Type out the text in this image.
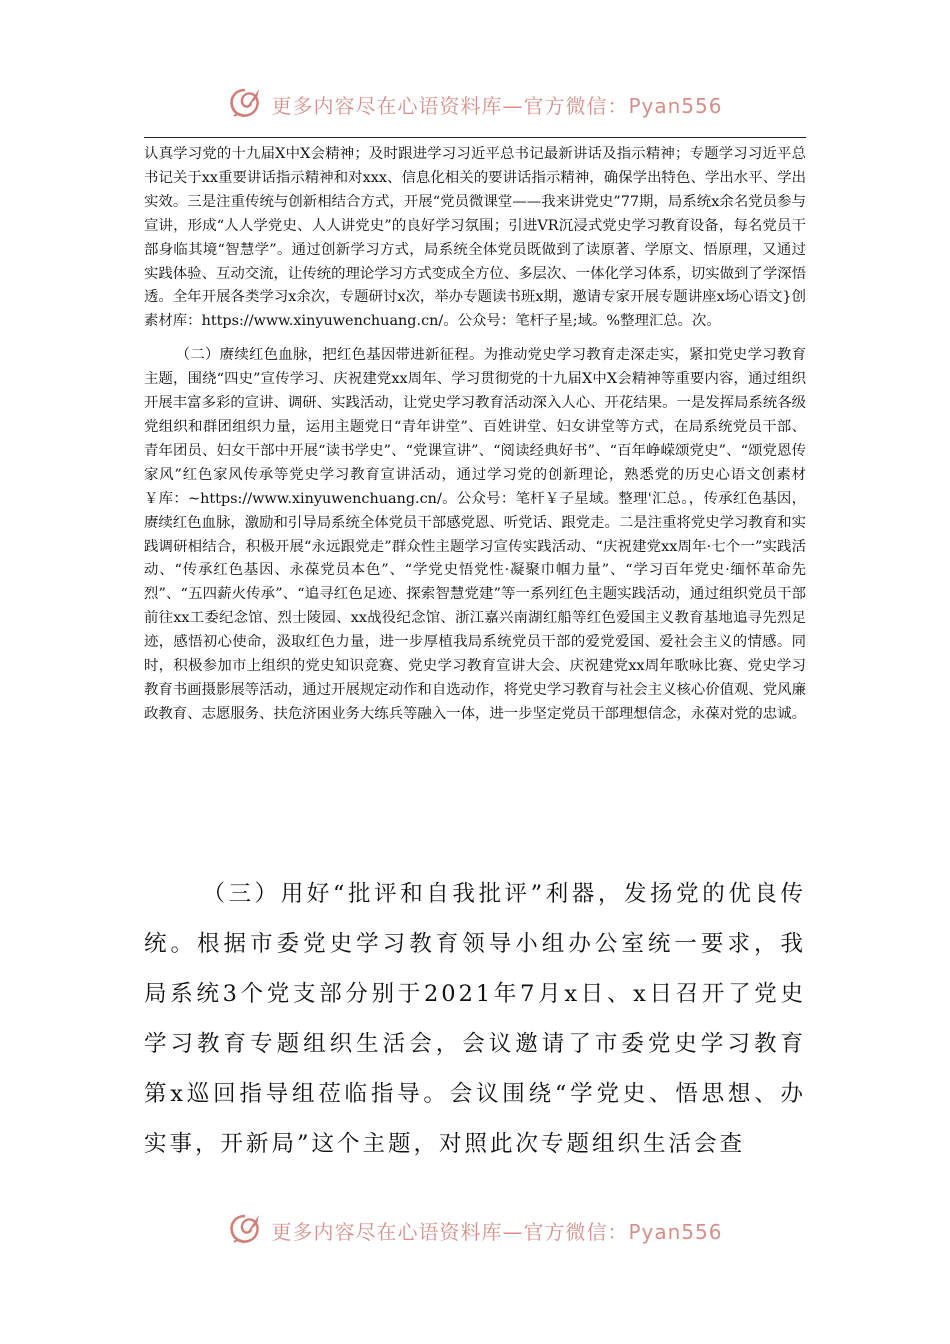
更多内容尽在心语资料库—官方微信：Pyan556

认真学习党的十九届X中X会精神；及时跟进学习习近平总书记最新讲话及指示精神；专题学习习近平总书记关于xx重要讲话指示精神和对xxx、信息化相关的要讲话指示精神，确保学出特色、学出水平、学出实效。三是注重传统与创新相结合方式，开展“党员微课堂——我来讲党史”77期，局系统x余名党员参与宣讲，形成“人人学党史、人人讲党史”的良好学习氛围；引进VR沉浸式党史学习教育设备，每名党员干部身临其境“智慧学”。通过创新学习方式，局系统全体党员既做到了读原著、学原文、悟原理，又通过实践体验、互动交流，让传统的理论学习方式变成全方位、多层次、一体化学习体系，切实做到了学深悟透。全年开展各类学习x余次，专题研讨x次，举办专题读书班x期，邀请专家开展专题讲座x场心语文}创素材库：https://www.xinyuwenchuang.cn/。公众号：笔杆子星;域。%整理汇总。次。

（二）赓续红色血脉，把红色基因带进新征程。为推动党史学习教育走深走实，紧扣党史学习教育主题，围绕“四史”宣传学习、庆祝建党xx周年、学习贯彻党的十九届X中X会精神等重要内容，通过组织开展丰富多彩的宣讲、调研、实践活动，让党史学习教育活动深入人心、开花结果。一是发挥局系统各级党组织和群团组织力量，运用主题党日“青年讲堂”、百姓讲堂、妇女讲堂等方式，在局系统党员干部、青年团员、妇女干部中开展“读书学史”、“党课宣讲”、“阅读经典好书”、“百年峥嵘颂党史”、“颂党恩传家风”红色家风传承等党史学习教育宣讲活动，通过学习党的创新理论，熟悉党的历史心语文创素材￥库：~https://www.xinyuwenchuang.cn/。公众号：笔杆￥子星域。整理'汇总。，传承红色基因，赓续红色血脉，激励和引导局系统全体党员干部感党恩、听党话、跟党走。二是注重将党史学习教育和实践调研相结合，积极开展“永远跟党走”群众性主题学习宣传实践活动、“庆祝建党xx周年·七个一”实践活动、“传承红色基因、永葆党员本色”、“学党史悟党性·凝聚巾帼力量”、“学习百年党史·缅怀革命先烈”、“五四薪火传承”、“追寻红色足迹、探索智慧党建”等一系列红色主题实践活动，通过组织党员干部前往xx工委纪念馆、烈士陵园、xx战役纪念馆、浙江嘉兴南湖红船等红色爱国主义教育基地追寻先烈足迹，感悟初心使命，汲取红色力量，进一步厚植我局系统党员干部的爱党爱国、爱社会主义的情感。同时，积极参加市上组织的党史知识竞赛、党史学习教育宣讲大会、庆祝建党xx周年歌咏比赛、党史学习教育书画摄影展等活动，通过开展规定动作和自选动作，将党史学习教育与社会主义核心价值观、党风廉政教育、志愿服务、扶危济困业务大练兵等融入一体，进一步坚定党员干部理想信念，永葆对党的忠诚。

（三）用好“批评和自我批评”利器，发扬党的优良传统。根据市委党史学习教育领导小组办公室统一要求，我局系统3个党支部分别于2021年7月x日、x日召开了党史学习教育专题组织生活会，会议邀请了市委党史学习教育第x巡回指导组莅临指导。会议围绕“学党史、悟思想、办实事，开新局”这个主题，对照此次专题组织生活会查

更多内容尽在心语资料库—官方微信：Pyan556
